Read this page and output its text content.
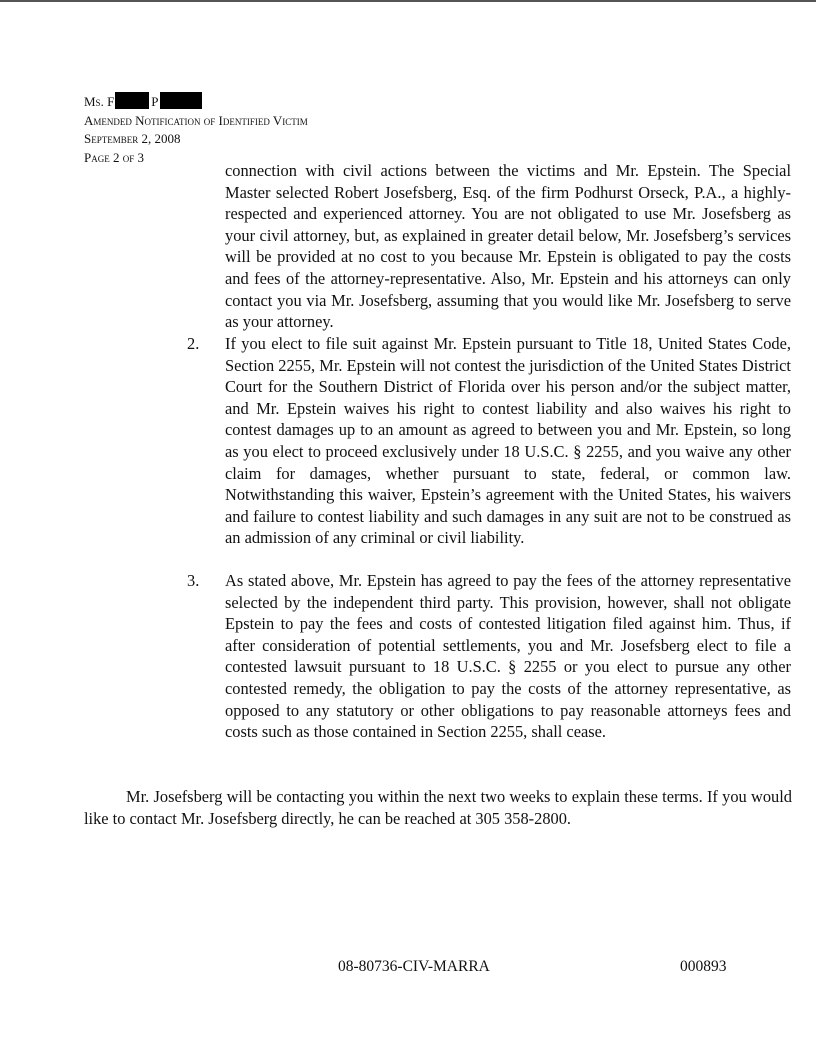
Ms. F	P
Amended Notification of Identified Victim
September 2, 2008
Page 2 of 3
connection with civil actions between the victims and Mr. Epstein. The Special Master selected Robert Josefsberg, Esq. of the firm Podhurst Orseck, P.A., a highly-respected and experienced attorney. You are not obligated to use Mr. Josefsberg as your civil attorney, but, as explained in greater detail below, Mr. Josefsberg’s services will be provided at no cost to you because Mr. Epstein is obligated to pay the costs and fees of the attorney-representative. Also, Mr. Epstein and his attorneys can only contact you via Mr. Josefsberg, assuming that you would like Mr. Josefsberg to serve as your attorney.
2. If you elect to file suit against Mr. Epstein pursuant to Title 18, United States Code, Section 2255, Mr. Epstein will not contest the jurisdiction of the United States District Court for the Southern District of Florida over his person and/or the subject matter, and Mr. Epstein waives his right to contest liability and also waives his right to contest damages up to an amount as agreed to between you and Mr. Epstein, so long as you elect to proceed exclusively under 18 U.S.C. § 2255, and you waive any other claim for damages, whether pursuant to state, federal, or common law. Notwithstanding this waiver, Epstein’s agreement with the United States, his waivers and failure to contest liability and such damages in any suit are not to be construed as an admission of any criminal or civil liability.
3. As stated above, Mr. Epstein has agreed to pay the fees of the attorney representative selected by the independent third party. This provision, however, shall not obligate Epstein to pay the fees and costs of contested litigation filed against him. Thus, if after consideration of potential settlements, you and Mr. Josefsberg elect to file a contested lawsuit pursuant to 18 U.S.C. § 2255 or you elect to pursue any other contested remedy, the obligation to pay the costs of the attorney representative, as opposed to any statutory or other obligations to pay reasonable attorneys fees and costs such as those contained in Section 2255, shall cease.
Mr. Josefsberg will be contacting you within the next two weeks to explain these terms. If you would like to contact Mr. Josefsberg directly, he can be reached at 305 358-2800.
08-80736-CIV-MARRA	000893
